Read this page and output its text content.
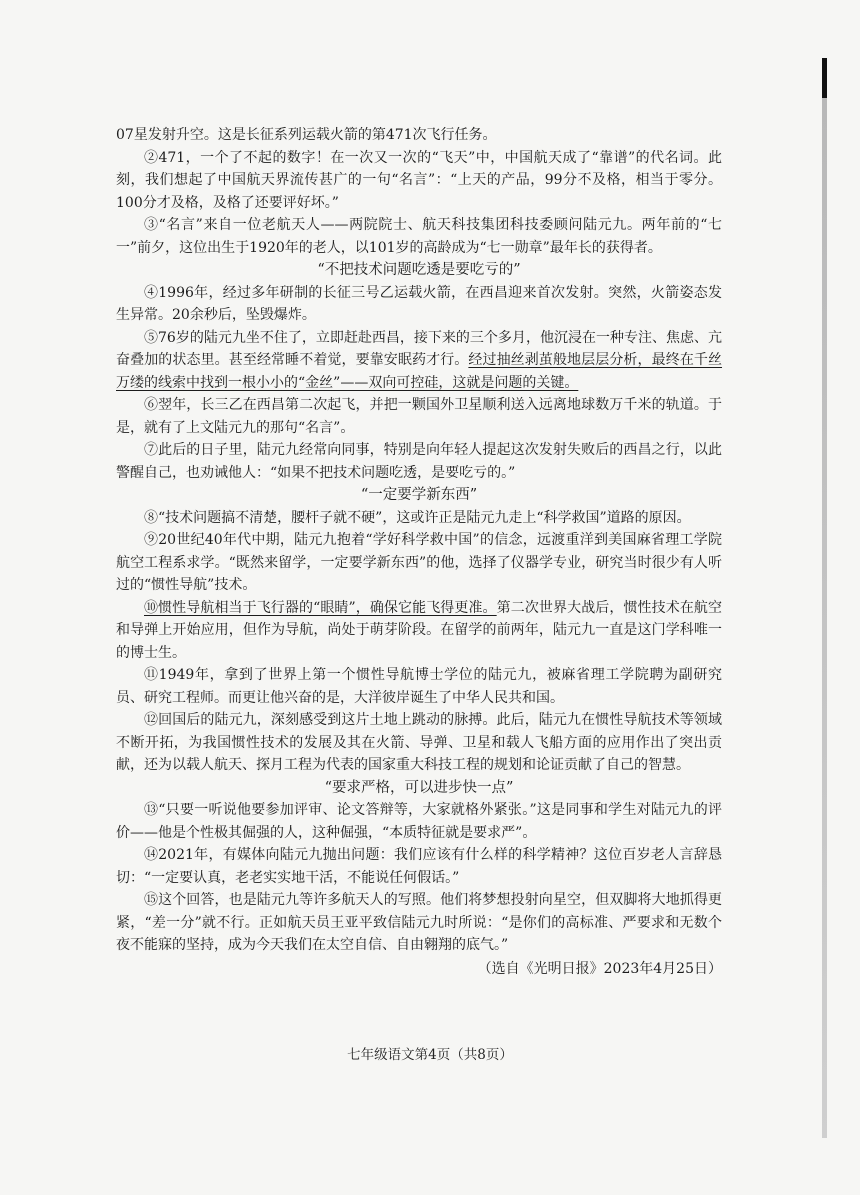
07星发射升空。这是长征系列运载火箭的第471次飞行任务。

②471，一个了不起的数字！在一次又一次的“飞天”中，中国航天成了“靠谱”的代名词。此刻，我们想起了中国航天界流传甚广的一句“名言”：“上天的产品，99分不及格，相当于零分。100分才及格，及格了还要评好坏。”

③“名言”来自一位老航天人——两院院士、航天科技集团科技委顾问陆元九。两年前的“七一”前夕，这位出生于1920年的老人，以101岁的高龄成为“七一勋章”最年长的获得者。

“不把技术问题吃透是要吃亏的”

④1996年，经过多年研制的长征三号乙运载火箭，在西昌迎来首次发射。突然，火箭姿态发生异常。20余秒后，坠毁爆炸。

⑤76岁的陆元九坐不住了，立即赶赴西昌，接下来的三个多月，他沉浸在一种专注、焦虑、亢奋叠加的状态里。甚至经常睡不着觉，要靠安眠药才行。经过抽丝剥茧般地层层分析，最终在千丝万缕的线索中找到一根小小的“金丝”——双向可控硅，这就是问题的关键。

⑥翌年，长三乙在西昌第二次起飞，并把一颗国外卫星顺利送入远离地球数万千米的轨道。于是，就有了上文陆元九的那句“名言”。

⑦此后的日子里，陆元九经常向同事，特别是向年轻人提起这次发射失败后的西昌之行，以此警醒自己，也劝诫他人：“如果不把技术问题吃透，是要吃亏的。”

“一定要学新东西”

⑧“技术问题搞不清楚，腰杆子就不硬”，这或许正是陆元九走上“科学救国”道路的原因。

⑨20世纪40年代中期，陆元九抱着“学好科学救中国”的信念，远渡重洋到美国麻省理工学院航空工程系求学。“既然来留学，一定要学新东西”的他，选择了仪器学专业，研究当时很少有人听过的“惯性导航”技术。

⑩惯性导航相当于飞行器的“眼睛”，确保它能飞得更准。第二次世界大战后，惯性技术在航空和导弹上开始应用，但作为导航，尚处于萌芽阶段。在留学的前两年，陆元九一直是这门学科唯一的博士生。

⑪1949年，拿到了世界上第一个惯性导航博士学位的陆元九，被麻省理工学院聘为副研究员、研究工程师。而更让他兴奋的是，大洋彼岸诞生了中华人民共和国。

⑫回国后的陆元九，深刻感受到这片土地上跳动的脉搏。此后，陆元九在惯性导航技术等领域不断开拓，为我国惯性技术的发展及其在火箭、导弹、卫星和载人飞船方面的应用作出了突出贡献，还为以载人航天、探月工程为代表的国家重大科技工程的规划和论证贡献了自己的智慧。

“要求严格，可以进步快一点”

⑬“只要一听说他要参加评审、论文答辩等，大家就格外紧张。”这是同事和学生对陆元九的评价——他是个性极其倔强的人，这种倔强，“本质特征就是要求严”。

⑭2021年，有媒体向陆元九抛出问题：我们应该有什么样的科学精神？这位百岁老人言辞恳切：“一定要认真，老老实实地干活，不能说任何假话。”

⑮这个回答，也是陆元九等许多航天人的写照。他们将梦想投射向星空，但双脚将大地抓得更紧，“差一分”就不行。正如航天员王亚平致信陆元九时所说：“是你们的高标准、严要求和无数个夜不能寐的坚持，成为今天我们在太空自信、自由翱翔的底气。”

（选自《光明日报》2023年4月25日）

七年级语文第4页（共8页）
